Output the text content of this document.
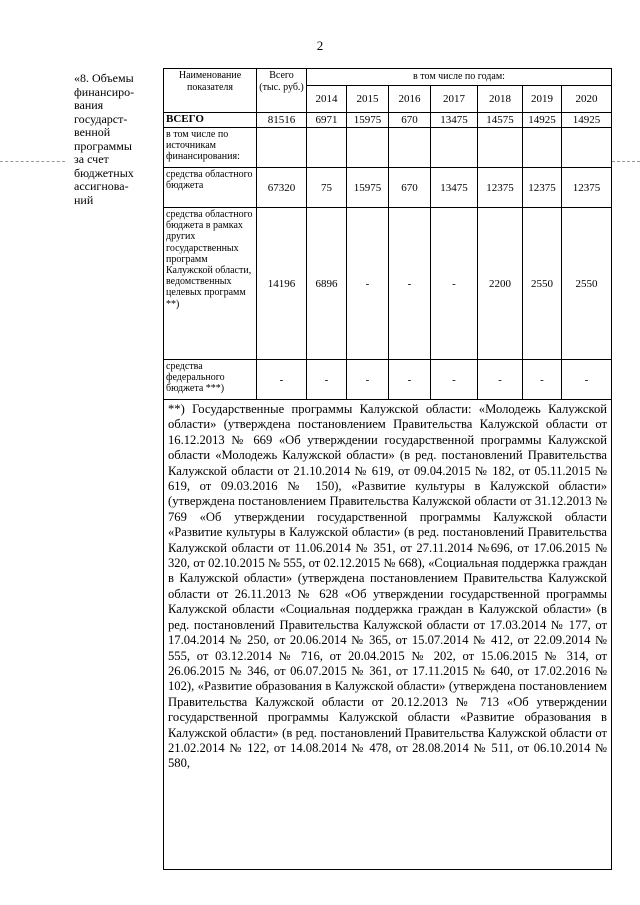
2
«8. Объемы
финансиро-
вания
государст-
венной
программы
за счет
бюджетных
ассигнова-
ний
Наименование показателя	Всего (тыс. руб.)	в том числе по годам:						
		2014	2015	2016	2017	2018	2019	2020
ВСЕГО	81516	6971	15975	670	13475	14575	14925	14925
в том числе по источникам финансирования:								
средства областного бюджета	67320	75	15975	670	13475	12375	12375	12375
средства областного бюджета в рамках других государственных программ Калужской области, ведомственных целевых программ **)	14196	6896	-	-	-	2200	2550	2550
средства федерального бюджета ***)	-	-	-	-	-	-	-	-
**) Государственные программы Калужской области: «Молодежь Калужской области» (утверждена постановлением Правительства Калужской области от 16.12.2013 № 669 «Об утверждении государственной программы Калужской области «Молодежь Калужской области» (в ред. постановлений Правительства Калужской области от 21.10.2014 № 619, от 09.04.2015 № 182, от 05.11.2015 № 619, от 09.03.2016 № 150), «Развитие культуры в Калужской области» (утверждена постановлением Правительства Калужской области от 31.12.2013 № 769 «Об утверждении государственной программы Калужской области «Развитие культуры в Калужской области» (в ред. постановлений Правительства Калужской области от 11.06.2014 № 351, от 27.11.2014 №696, от 17.06.2015 № 320, от 02.10.2015 № 555, от 02.12.2015 № 668), «Социальная поддержка граждан в Калужской области» (утверждена постановлением Правительства Калужской области от 26.11.2013 № 628 «Об утверждении государственной программы Калужской области «Социальная поддержка граждан в Калужской области» (в ред. постановлений Правительства Калужской области от 17.03.2014 № 177, от 17.04.2014 № 250, от 20.06.2014 № 365, от 15.07.2014 № 412, от 22.09.2014 № 555, от 03.12.2014 № 716, от 20.04.2015 № 202, от 15.06.2015 № 314, от 26.06.2015 № 346, от 06.07.2015 № 361, от 17.11.2015 № 640, от 17.02.2016 № 102), «Развитие образования в Калужской области» (утверждена постановлением Правительства Калужской области от 20.12.2013 № 713 «Об утверждении государственной программы Калужской области «Развитие образования в Калужской области» (в ред. постановлений Правительства Калужской области от 21.02.2014 № 122, от 14.08.2014 № 478, от 28.08.2014 № 511, от 06.10.2014 № 580,								
